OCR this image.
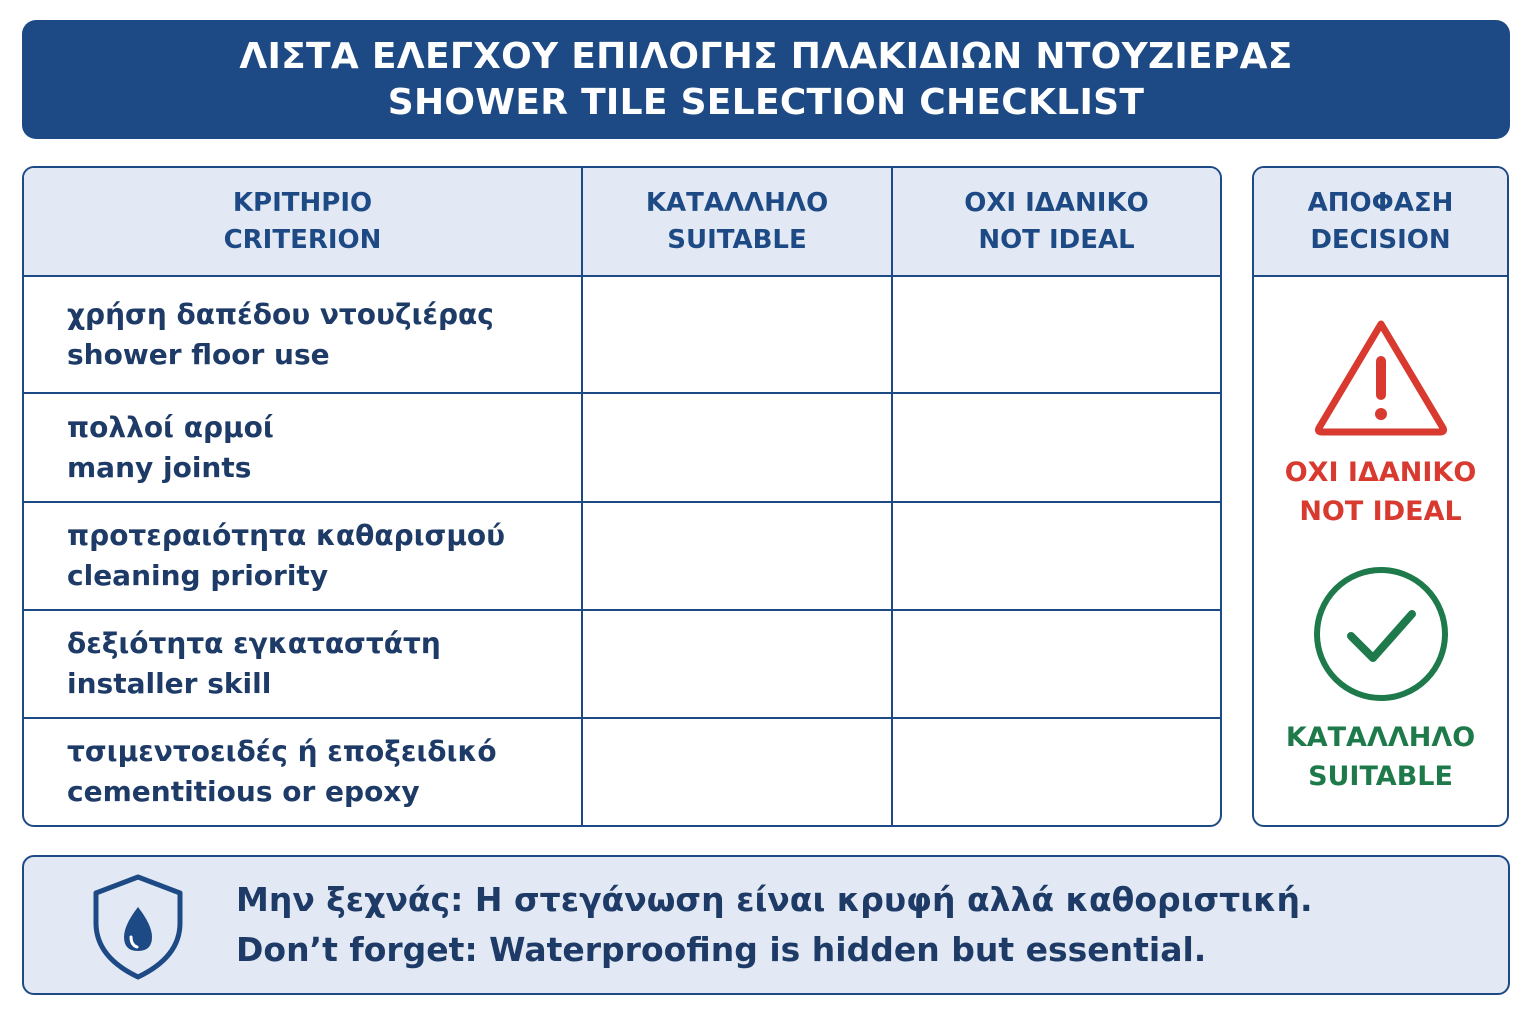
ΛΙΣΤΑ ΕΛΕΓΧΟΥ ΕΠΙΛΟΓΗΣ ΠΛΑΚΙΔΙΩΝ ΝΤΟΥΖΙΕΡΑΣ
SHOWER TILE SELECTION CHECKLIST
ΚΡΙΤΗΡΙΟ
CRITERION
ΚΑΤΑΛΛΗΛΟ
SUITABLE
ΟΧΙ ΙΔΑΝΙΚΟ
NOT IDEAL
χρήση δαπέδου ντουζιέρας
shower floor use
πολλοί αρμοί
many joints
προτεραιότητα καθαρισμού
cleaning priority
δεξιότητα εγκαταστάτη
installer skill
τσιμεντοειδές ή εποξειδικό
cementitious or epoxy
ΑΠΟΦΑΣΗ
DECISION
ΟΧΙ ΙΔΑΝΙΚΟ
NOT IDEAL
ΚΑΤΑΛΛΗΛΟ
SUITABLE
Μην ξεχνάς: Η στεγάνωση είναι κρυφή αλλά καθοριστική.
Don’t forget: Waterproofing is hidden but essential.
